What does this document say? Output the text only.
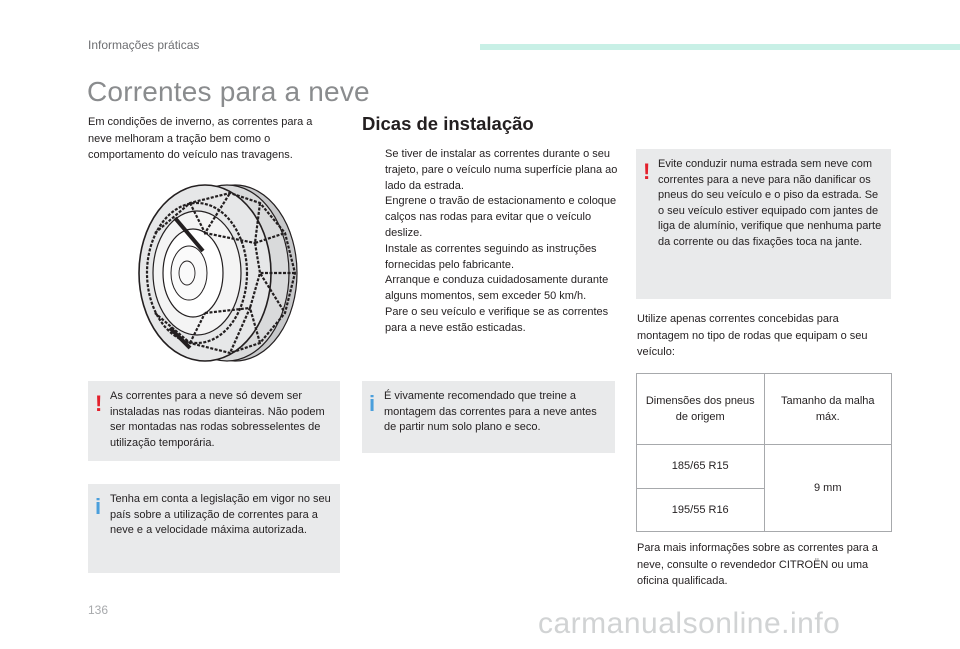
Informações práticas
Correntes para a neve
Em condições de inverno, as correntes para a neve melhoram a tração bem como o comportamento do veículo nas travagens.
! As correntes para a neve só devem ser instaladas nas rodas dianteiras. Não podem ser montadas nas rodas sobresselentes de utilização temporária.
i Tenha em conta a legislação em vigor no seu país sobre a utilização de correntes para a neve e a velocidade máxima autorizada.
Dicas de instalação
Se tiver de instalar as correntes durante o seu trajeto, pare o veículo numa superfície plana ao lado da estrada.
Engrene o travão de estacionamento e coloque calços nas rodas para evitar que o veículo deslize.
Instale as correntes seguindo as instruções fornecidas pelo fabricante.
Arranque e conduza cuidadosamente durante alguns momentos, sem exceder 50 km/h.
Pare o seu veículo e verifique se as correntes para a neve estão esticadas.
i É vivamente recomendado que treine a montagem das correntes para a neve antes de partir num solo plano e seco.
! Evite conduzir numa estrada sem neve com correntes para a neve para não danificar os pneus do seu veículo e o piso da estrada. Se o seu veículo estiver equipado com jantes de liga de alumínio, verifique que nenhuma parte da corrente ou das fixações toca na jante.
Utilize apenas correntes concebidas para montagem no tipo de rodas que equipam o seu veículo:
Dimensões dos pneus de origem	Tamanho da malha máx.
185/65 R15	9 mm
195/55 R16	
Para mais informações sobre as correntes para a neve, consulte o revendedor CITROËN ou uma oficina qualificada.
136	carmanualsonline.info
